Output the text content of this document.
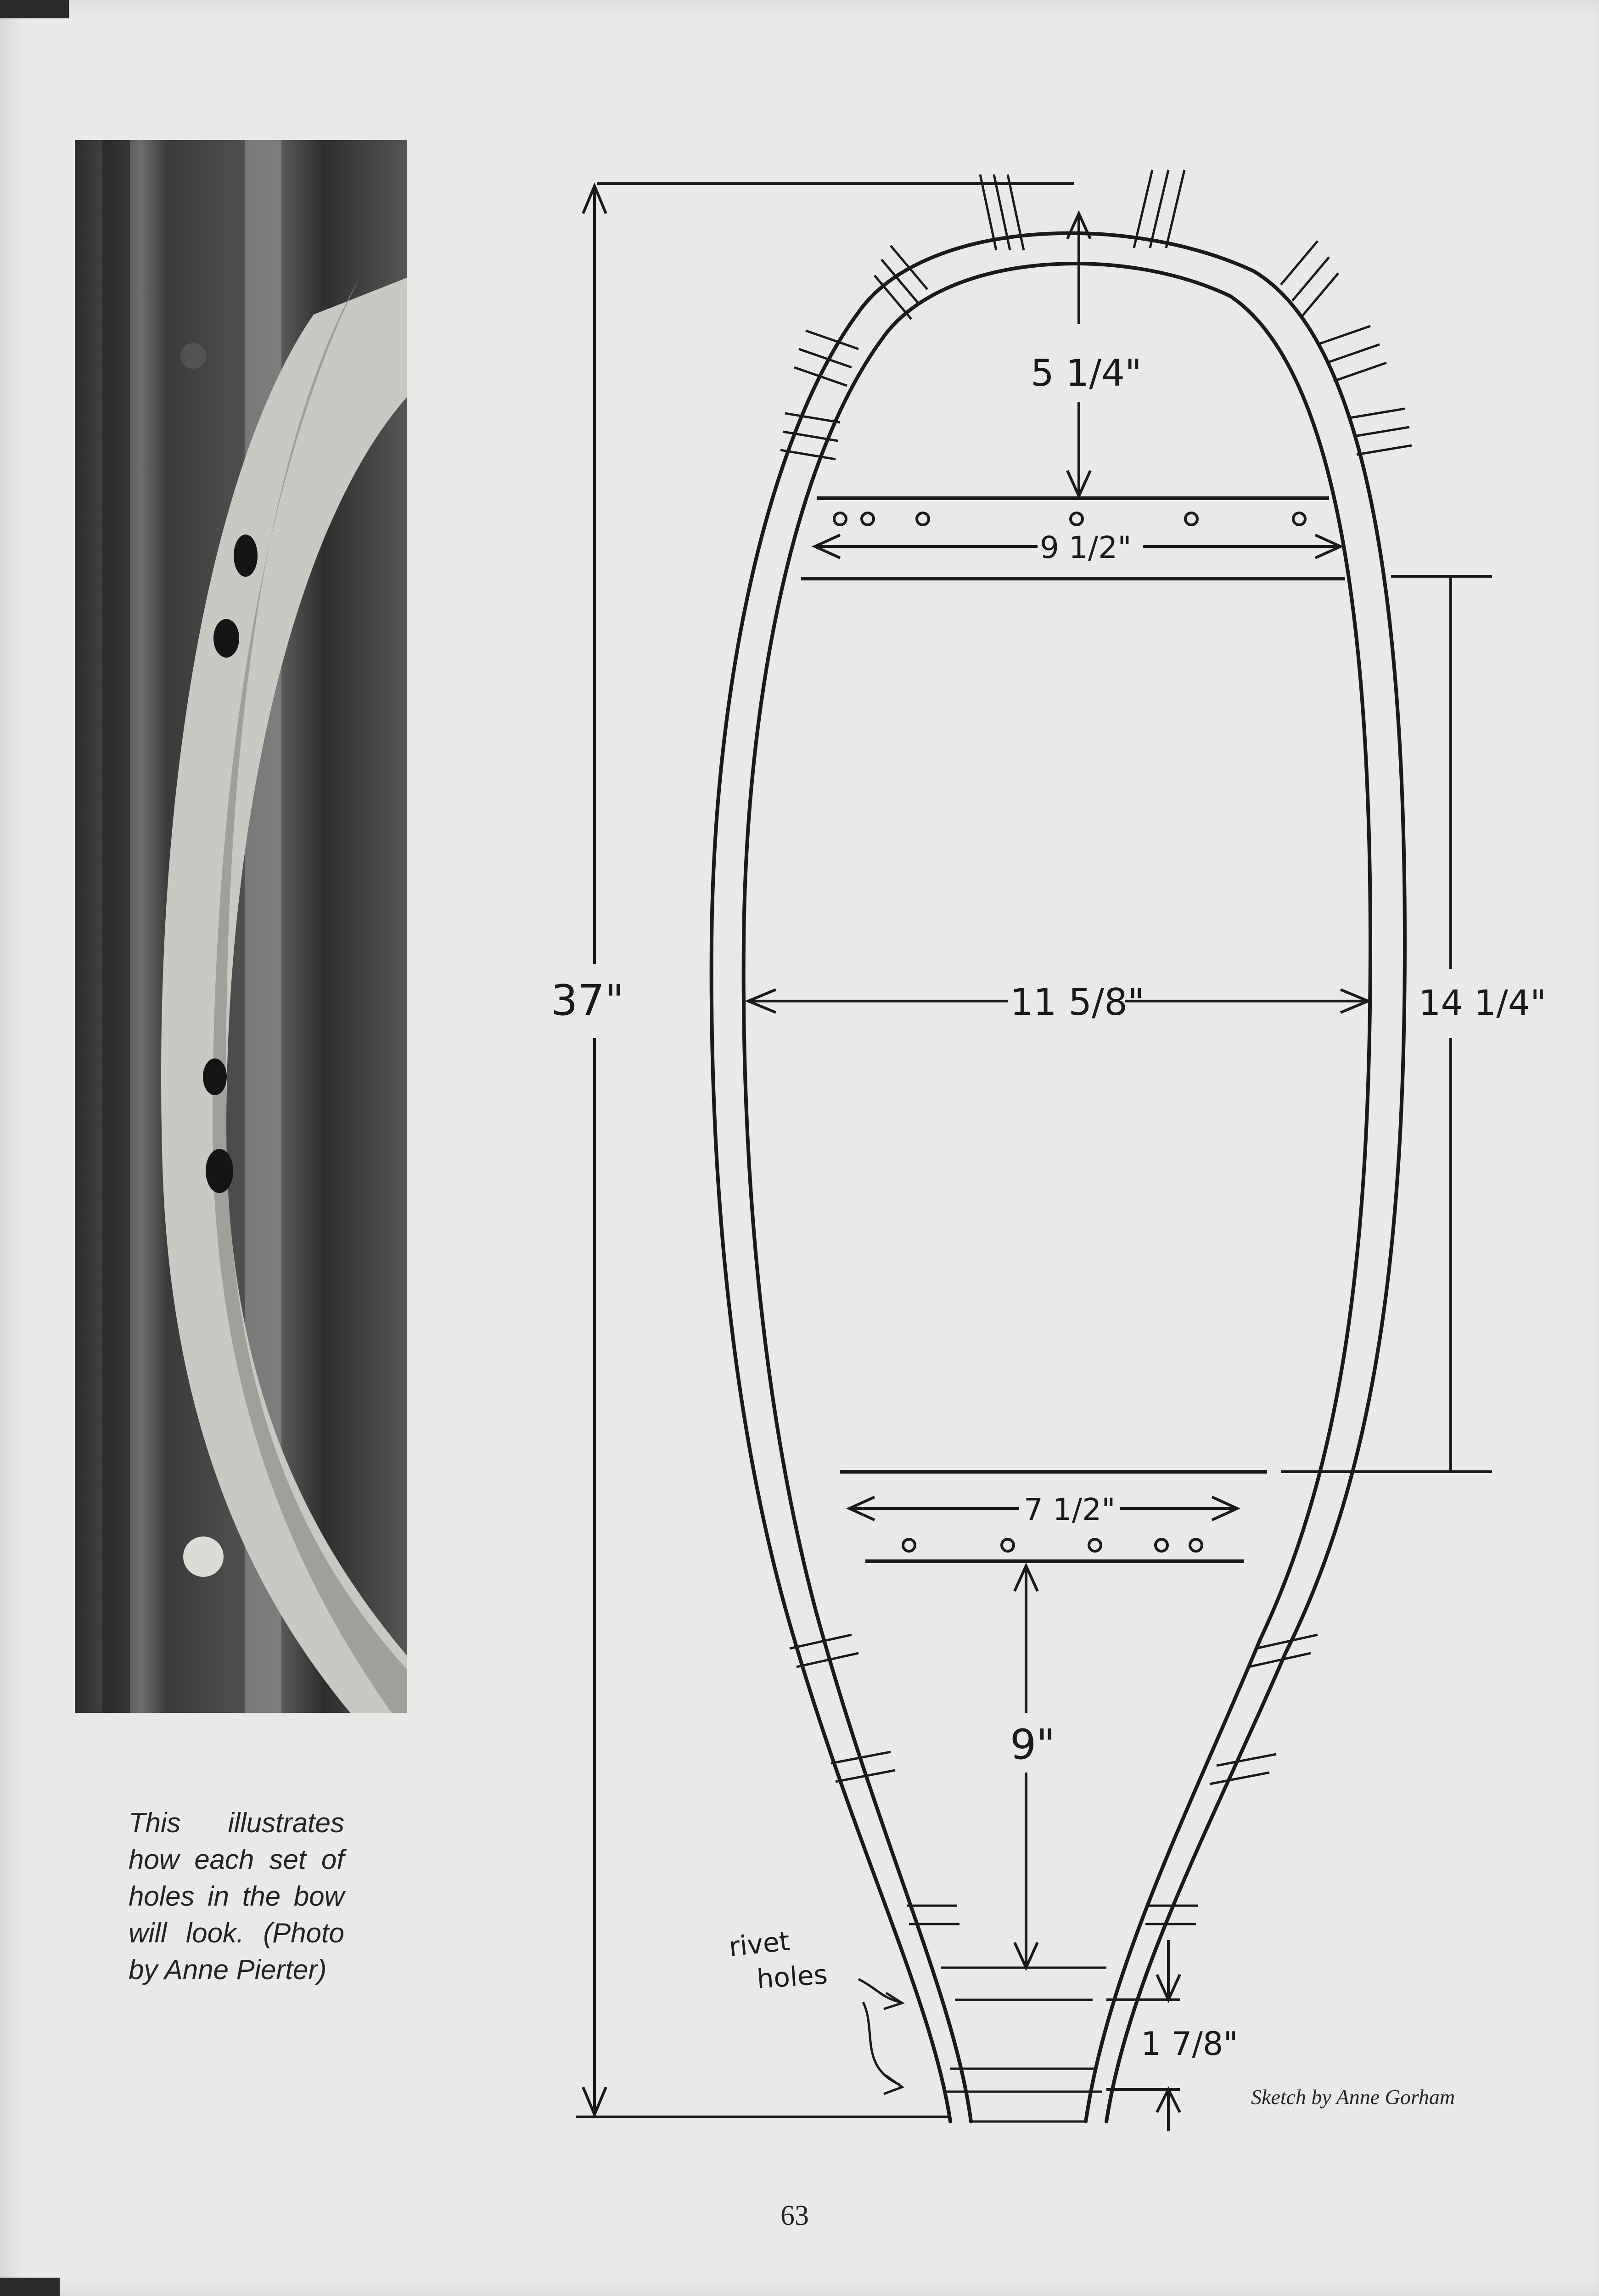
This illustrates how each set of holes in the bow will look. (Photo by Anne Pierter)
37"
5 1/4"
9 1/2"
11 5/8"	14 1/4"
7 1/2"
9"
1 7/8"
rivet
holes
Sketch by Anne Gorham
63
